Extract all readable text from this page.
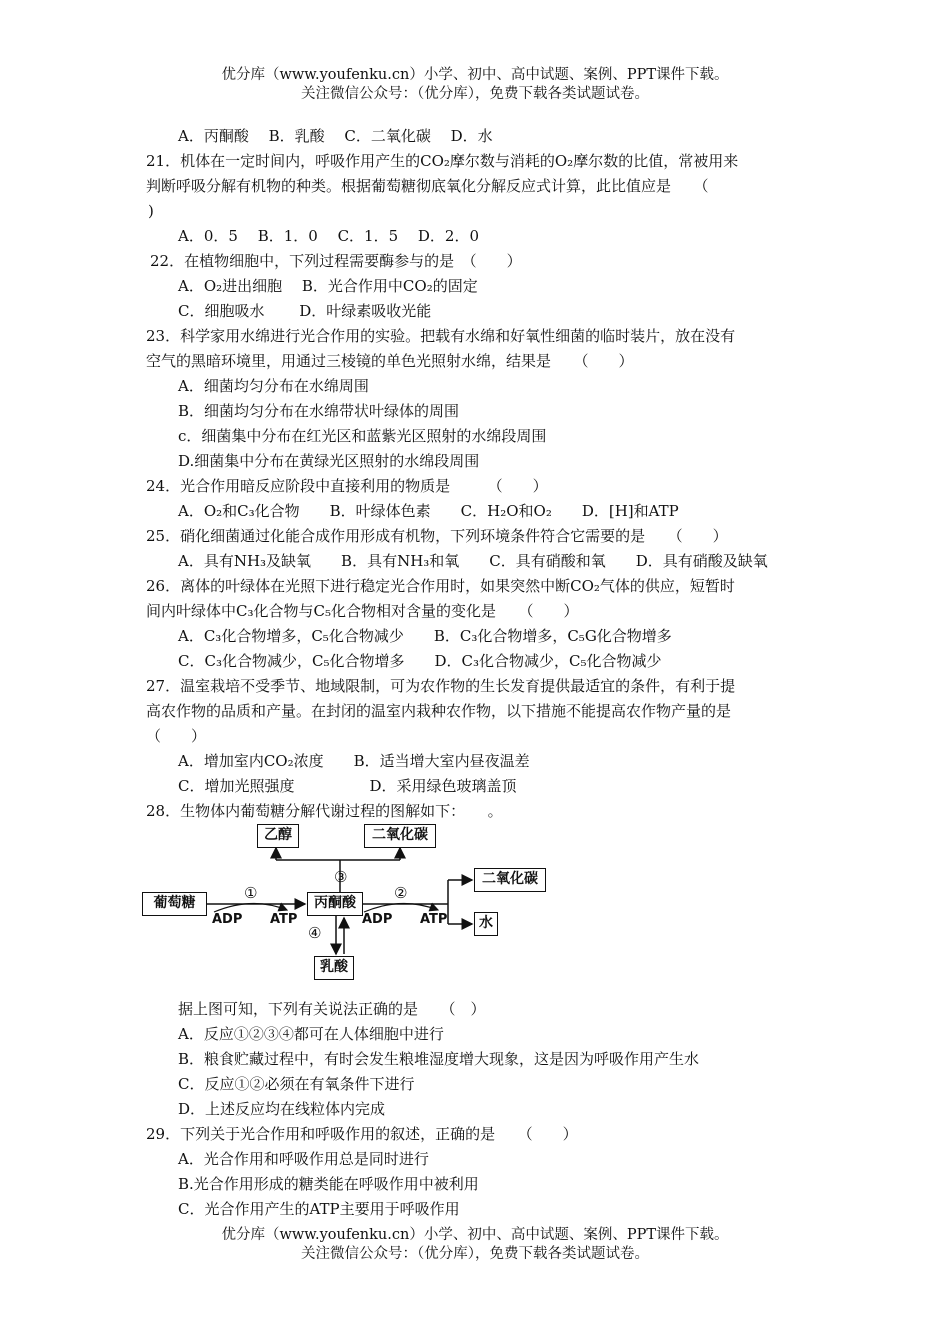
优分库（www.youfenku.cn）小学、初中、高中试题、案例、PPT课件下载。
关注微信公众号：（优分库），免费下载各类试题试卷。
A．丙酮酸　 B．乳酸　 C．二氧化碳　 D．水
21．机体在一定时间内，呼吸作用产生的CO₂摩尔数与消耗的O₂摩尔数的比值，常被用来
判断呼吸分解有机物的种类。根据葡萄糖彻底氧化分解反应式计算，此比值应是　　（
)
A．0．5　 B．1．0　 C．1．5　 D．2．0
22．在植物细胞中，下列过程需要酶参与的是　（　　）
A．O₂进出细胞　 B．光合作用中CO₂的固定
C．细胞吸水　　 D．叶绿素吸收光能
23．科学家用水绵进行光合作用的实验。把载有水绵和好氧性细菌的临时装片，放在没有
空气的黑暗环境里，用通过三棱镜的单色光照射水绵，结果是　　（　　）
A．细菌均匀分布在水绵周围
B．细菌均匀分布在水绵带状叶绿体的周围
c．细菌集中分布在红光区和蓝紫光区照射的水绵段周围
D.细菌集中分布在黄绿光区照射的水绵段周围
24．光合作用暗反应阶段中直接利用的物质是　　　（　　）
A．O₂和C₃化合物　　B．叶绿体色素　　C．H₂O和O₂　　D．[H]和ATP
25．硝化细菌通过化能合成作用形成有机物，下列环境条件符合它需要的是　　（　　）
A．具有NH₃及缺氧　　B．具有NH₃和氧　　C．具有硝酸和氧　　D．具有硝酸及缺氧
26．离体的叶绿体在光照下进行稳定光合作用时，如果突然中断CO₂气体的供应，短暂时
间内叶绿体中C₃化合物与C₅化合物相对含量的变化是　　（　　）
A．C₃化合物增多，C₅化合物减少　　B．C₃化合物增多，C₅G化合物增多
C．C₃化合物减少，C₅化合物增多　　D．C₃化合物减少，C₅化合物减少
27．温室栽培不受季节、地域限制，可为农作物的生长发育提供最适宜的条件，有利于提
高农作物的品质和产量。在封闭的温室内栽种农作物，以下措施不能提高农作物产量的是
（　　）
A．增加室内CO₂浓度　　B．适当增大室内昼夜温差
C．增加光照强度　　　　　D．采用绿色玻璃盖顶
28．生物体内葡萄糖分解代谢过程的图解如下：　　。
乙醇	二氧化碳
葡萄糖	丙酮酸
二氧化碳
水
乳酸
①	②
③
④
ADP ATP	ADP ATP
据上图可知，下列有关说法正确的是　　（　）
A．反应①②③④都可在人体细胞中进行
B．粮食贮藏过程中，有时会发生粮堆湿度增大现象，这是因为呼吸作用产生水
C．反应①②必须在有氧条件下进行
D．上述反应均在线粒体内完成
29．下列关于光合作用和呼吸作用的叙述，正确的是　　（　　）
A．光合作用和呼吸作用总是同时进行
B.光合作用形成的糖类能在呼吸作用中被利用
C．光合作用产生的ATP主要用于呼吸作用
优分库（www.youfenku.cn）小学、初中、高中试题、案例、PPT课件下载。
关注微信公众号：（优分库），免费下载各类试题试卷。
